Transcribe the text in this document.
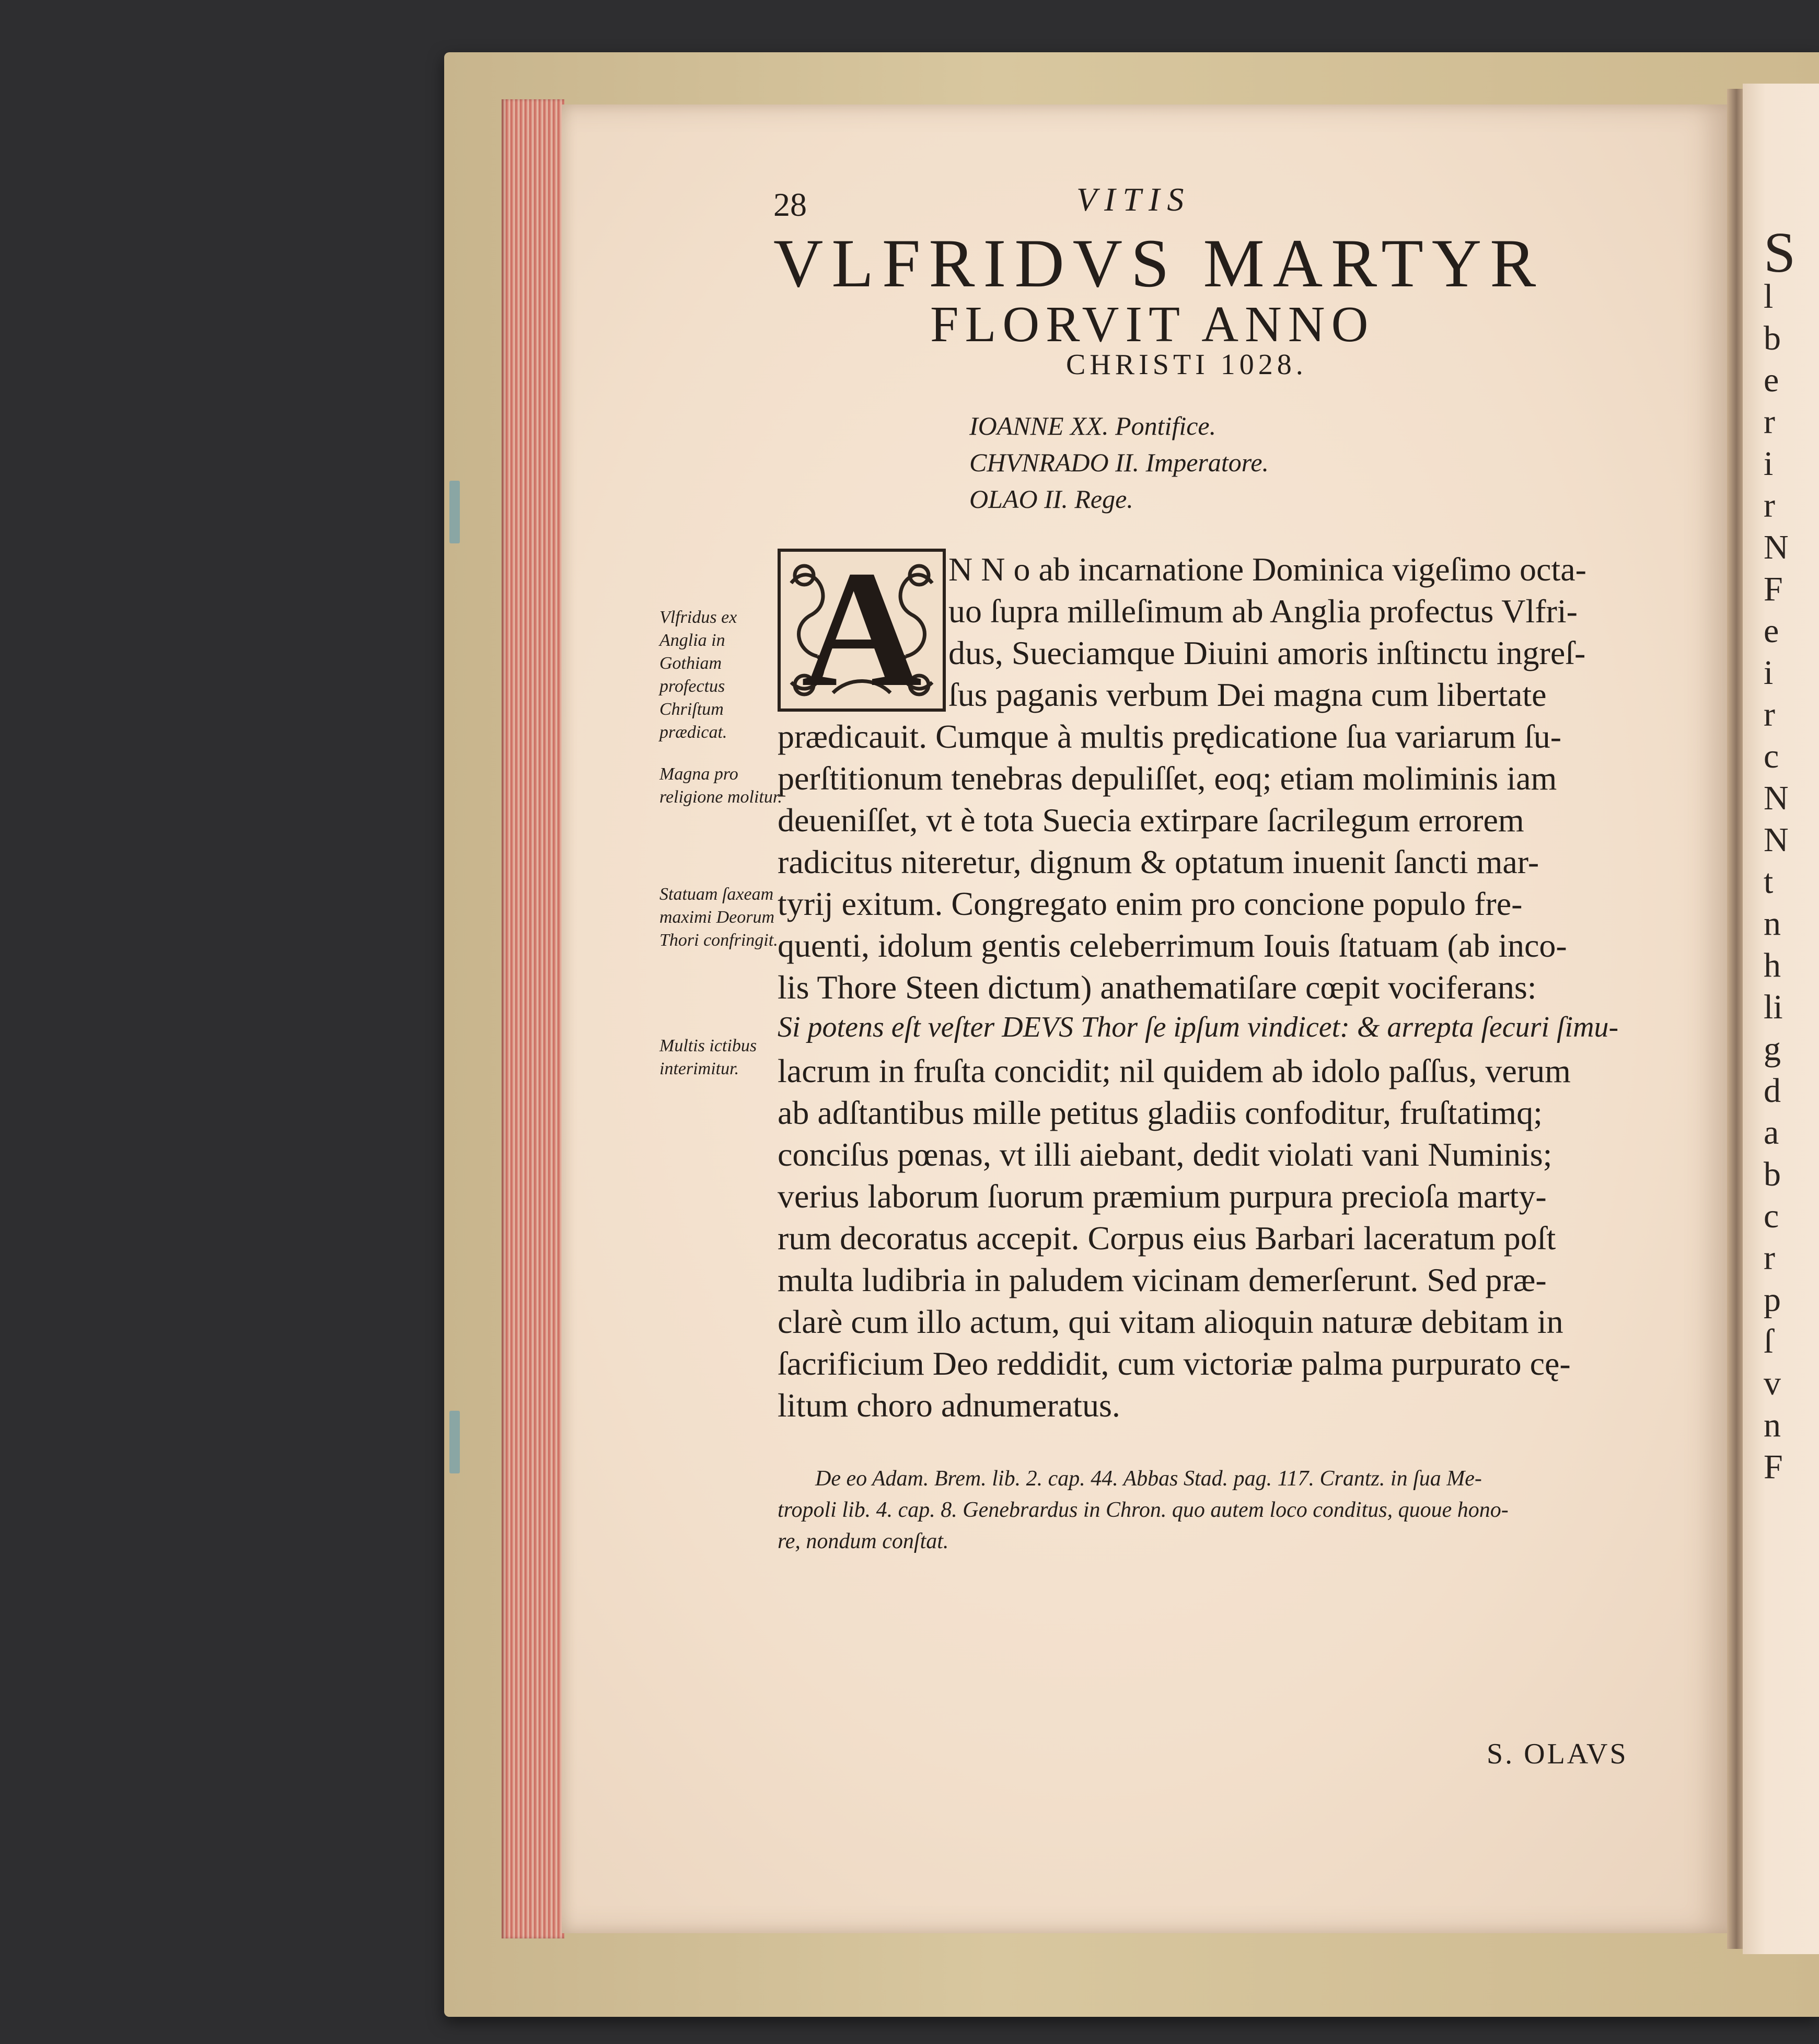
S
l
b
e
r
i
r
N
F
e
i
r
c
N
N
t
n
h
li
g
d
a
b
c
r
p
ſ
v
n
F
28	VITIS
VLFRIDVS MARTYR
FLORVIT ANNO
CHRISTI 1028.
IOANNE XX. Pontifice.
CHVNRADO II. Imperatore.
OLAO II. Rege.
A N N o ab incarnatione Dominica vigeſimo octa-
uo ſupra milleſimum ab Anglia profectus Vlfri-
dus, Sueciamque Diuini amoris inſtinctu ingreſ-
ſus paganis verbum Dei magna cum libertate
prædicauit. Cumque à multis prędicatione ſua variarum ſu-
perſtitionum tenebras depuliſſet, eoq; etiam moliminis iam
deueniſſet, vt è tota Suecia extirpare ſacrilegum errorem
radicitus niteretur, dignum & optatum inuenit ſancti mar-
tyrij exitum. Congregato enim pro concione populo fre-
quenti, idolum gentis celeberrimum Iouis ſtatuam (ab inco-
lis Thore Steen dictum) anathematiſare cœpit vociferans:
Si potens eſt veſter DEVS Thor ſe ipſum vindicet: & arrepta ſecuri ſimu-
lacrum in fruſta concidit; nil quidem ab idolo paſſus, verum
ab adſtantibus mille petitus gladiis confoditur, fruſtatimq;
conciſus pœnas, vt illi aiebant, dedit violati vani Numinis;
verius laborum ſuorum præmium purpura precioſa marty-
rum decoratus accepit. Corpus eius Barbari laceratum poſt
multa ludibria in paludem vicinam demerſerunt. Sed præ-
clarè cum illo actum, qui vitam alioquin naturæ debitam in
ſacrificium Deo reddidit, cum victoriæ palma purpurato cę-
litum choro adnumeratus.
Vlfridus ex Anglia in Gothiam profectus Chriſtum prædicat.
Magna pro religione molitur.
Statuam ſaxeam maximi Deorum Thori confringit.
Multis ictibus interimitur.
De eo Adam. Brem. lib. 2. cap. 44. Abbas Stad. pag. 117. Crantz. in ſua Me-
tropoli lib. 4. cap. 8. Genebrardus in Chron. quo autem loco conditus, quoue hono-
re, nondum conſtat.
S. OLAVS
